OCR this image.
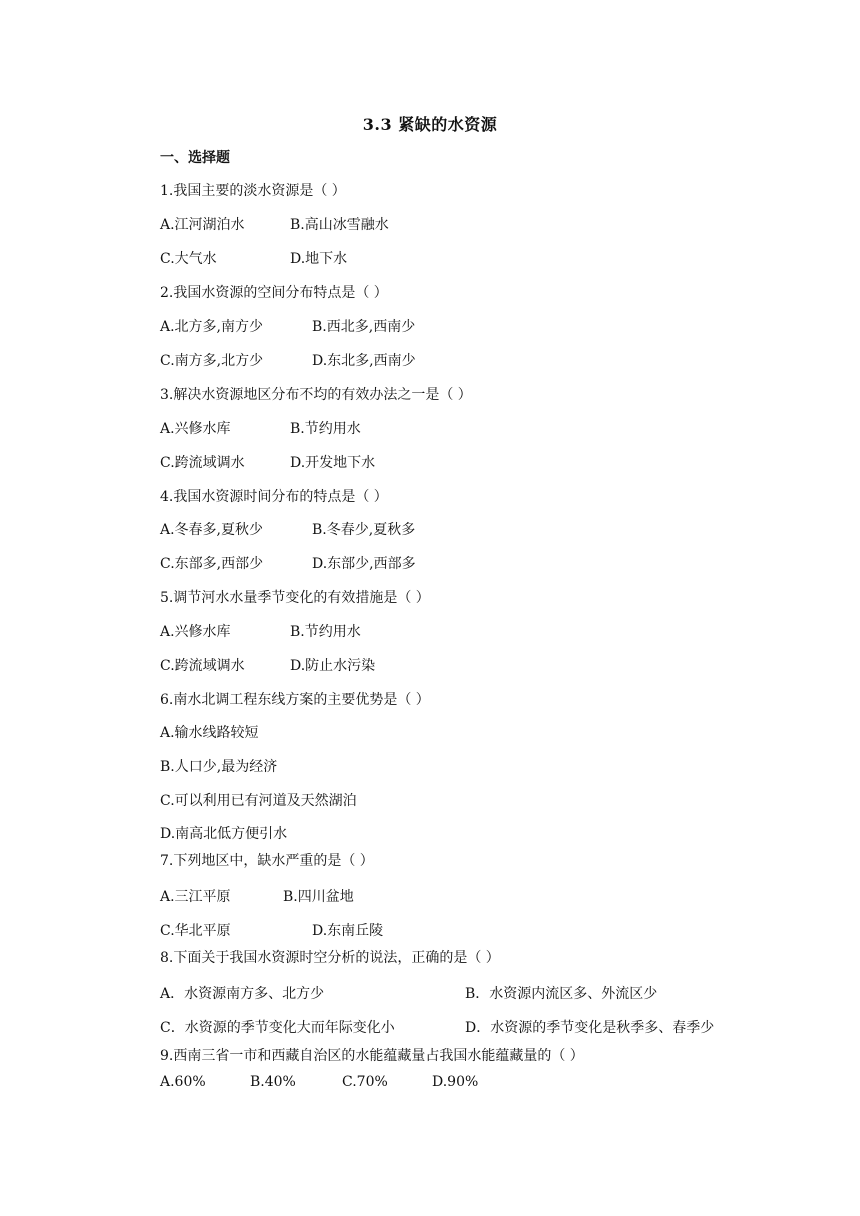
3.3 紧缺的水资源
一、选择题
1.我国主要的淡水资源是（ ）
A.江河湖泊水	B.高山冰雪融水
C.大气水	D.地下水
2.我国水资源的空间分布特点是（ ）
A.北方多,南方少	B.西北多,西南少
C.南方多,北方少	D.东北多,西南少
3.解决水资源地区分布不均的有效办法之一是（ ）
A.兴修水库	B.节约用水
C.跨流域调水	D.开发地下水
4.我国水资源时间分布的特点是（ ）
A.冬春多,夏秋少	B.冬春少,夏秋多
C.东部多,西部少	D.东部少,西部多
5.调节河水水量季节变化的有效措施是（ ）
A.兴修水库	B.节约用水
C.跨流域调水	D.防止水污染
6.南水北调工程东线方案的主要优势是（ ）
A.输水线路较短
B.人口少,最为经济
C.可以利用已有河道及天然湖泊
D.南高北低方便引水
7.下列地区中，缺水严重的是（ ）
A.三江平原	B.四川盆地
C.华北平原	D.东南丘陵
8.下面关于我国水资源时空分析的说法，正确的是（ ）
A．水资源南方多、北方少	B．水资源内流区多、外流区少
C．水资源的季节变化大而年际变化小	D．水资源的季节变化是秋季多、春季少
9.西南三省一市和西藏自治区的水能蕴藏量占我国水能蕴藏量的（ ）
A.60%	B.40%	C.70%	D.90%
